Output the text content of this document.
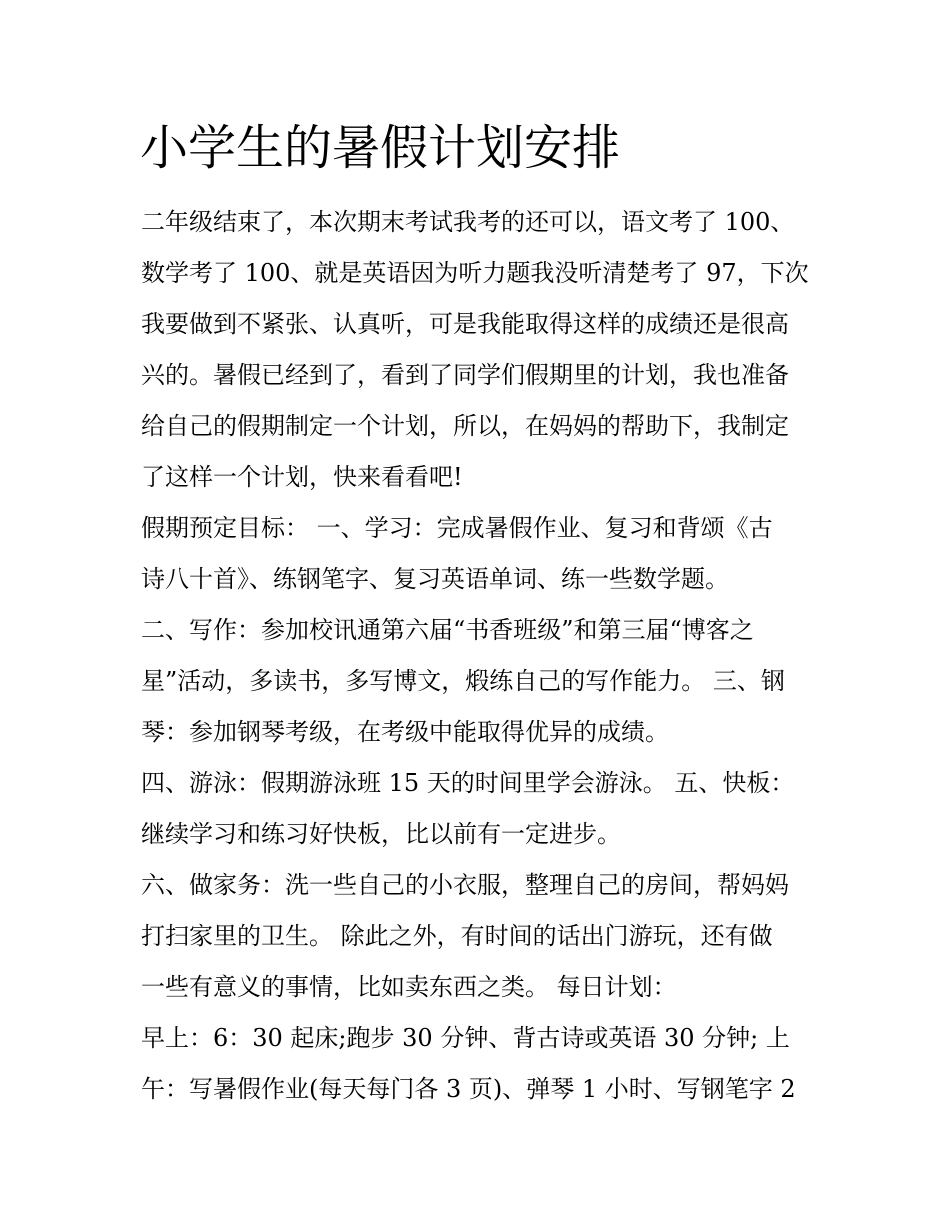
小学生的暑假计划安排
二年级结束了，本次期末考试我考的还可以，语文考了 100、
数学考了 100、就是英语因为听力题我没听清楚考了 97，下次
我要做到不紧张、认真听，可是我能取得这样的成绩还是很高
兴的。暑假已经到了，看到了同学们假期里的计划，我也准备
给自己的假期制定一个计划，所以，在妈妈的帮助下，我制定
了这样一个计划，快来看看吧!
假期预定目标： 一、学习：完成暑假作业、复习和背颂《古
诗八十首》、练钢笔字、复习英语单词、练一些数学题。
二、写作：参加校讯通第六届“书香班级”和第三届“博客之
星”活动，多读书，多写博文，煅练自己的写作能力。 三、钢
琴：参加钢琴考级，在考级中能取得优异的成绩。
四、游泳：假期游泳班 15 天的时间里学会游泳。 五、快板：
继续学习和练习好快板，比以前有一定进步。
六、做家务：洗一些自己的小衣服，整理自己的房间，帮妈妈
打扫家里的卫生。 除此之外，有时间的话出门游玩，还有做
一些有意义的事情，比如卖东西之类。 每日计划：
早上：6：30 起床;跑步 30 分钟、背古诗或英语 30 分钟; 上
午：写暑假作业(每天每门各 3 页)、弹琴 1 小时、写钢笔字 2
